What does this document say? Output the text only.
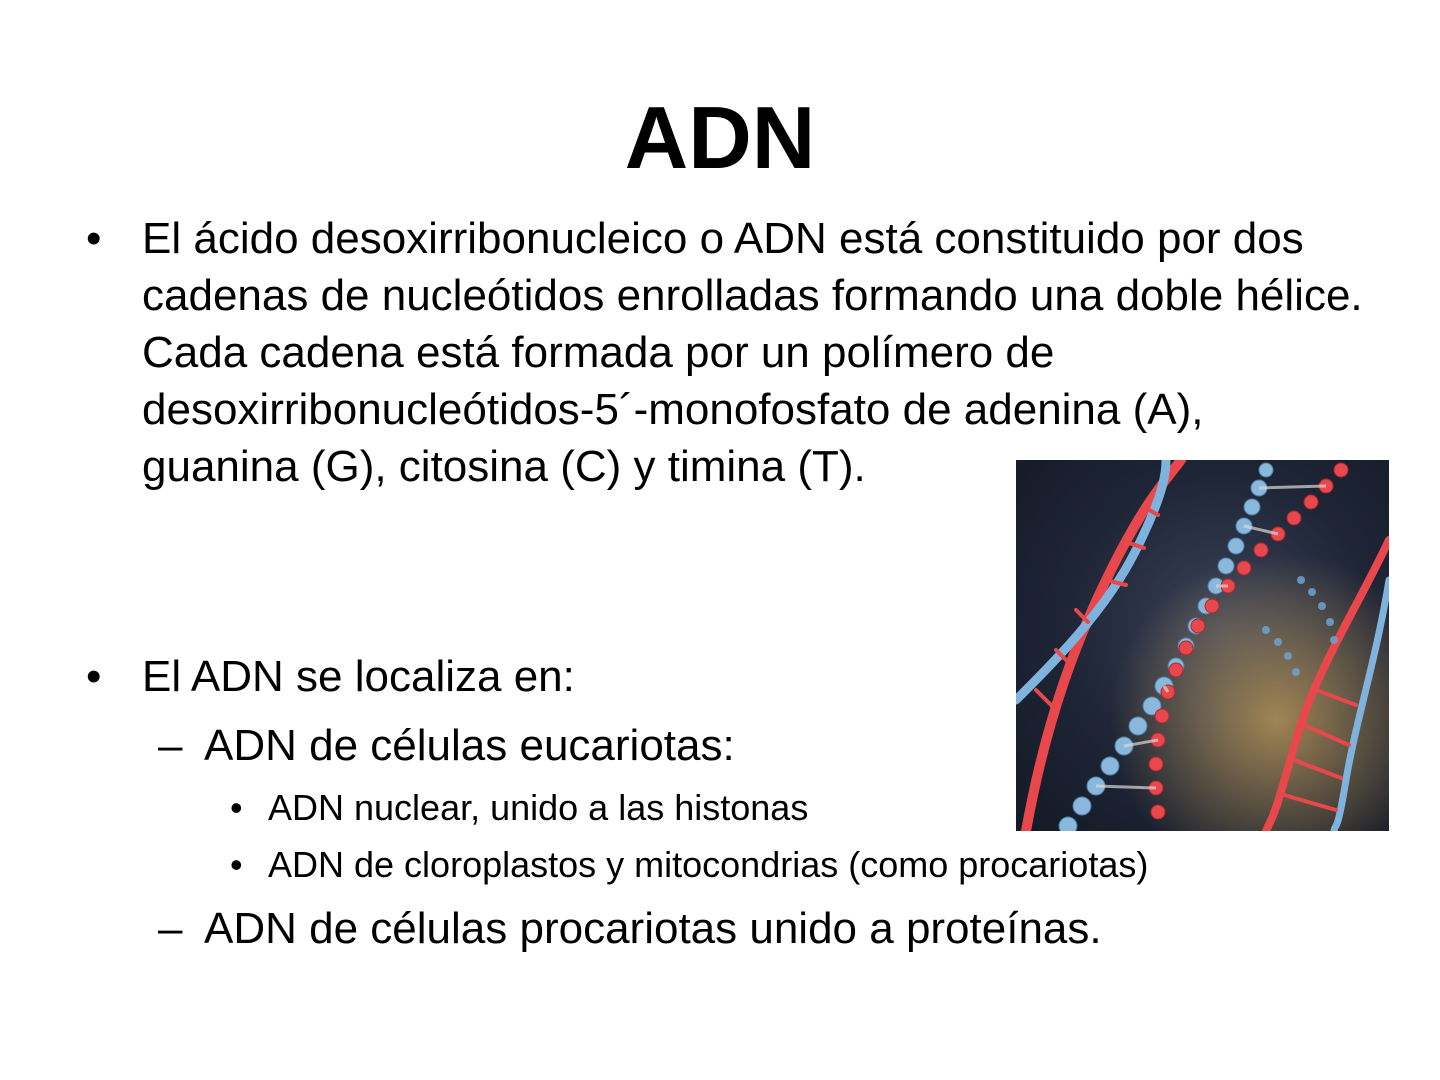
ADN
• El ácido desoxirribonucleico o ADN está constituido por dos cadenas de nucleótidos enrolladas formando una doble hélice. Cada cadena está formada por un polímero de desoxirribonucleótidos-5´-monofosfato de adenina (A), guanina (G), citosina (C) y timina (T).
• El ADN se localiza en:
– ADN de células eucariotas:
• ADN nuclear, unido a las histonas
• ADN de cloroplastos y mitocondrias (como procariotas)
– ADN de células procariotas unido a proteínas.
